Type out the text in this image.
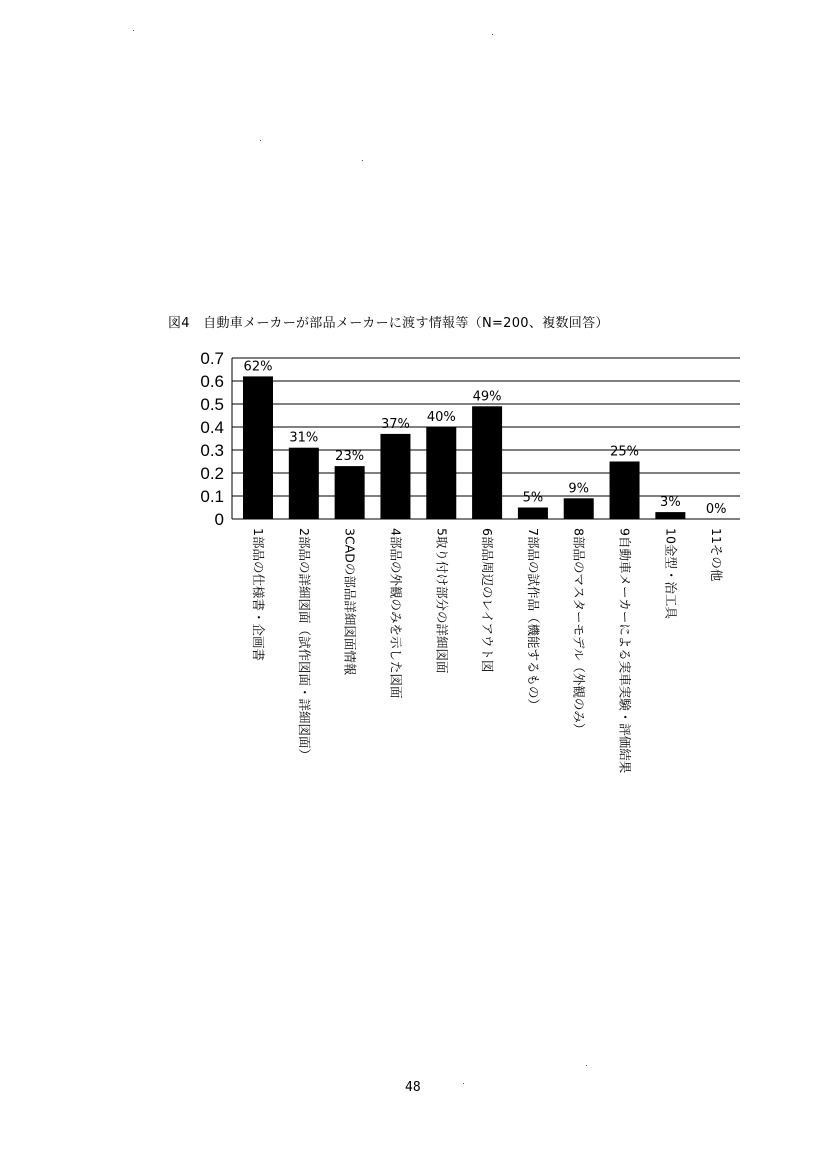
図4　自動車メーカーが部品メーカーに渡す情報等（N=200、複数回答）
0
0.1
0.2
0.3
0.4
0.5
0.6
0.7 62%
31%
23%
37% 40%
49%
5%
9%
25%
3% 0%
1部品の仕様書・企画書 2部品の詳細図面（試作図面・詳細図面） 3CADの部品詳細図面情報 4部品の外観のみを示した図面 5取り付け部分の詳細図面 6部品周辺のレイアウト図 7部品の試作品（機能するもの） 8部品のマスターモデル（外観のみ） 9自動車メーカーによる実車実験・評価結果 10金型・治工具 11その他
48
